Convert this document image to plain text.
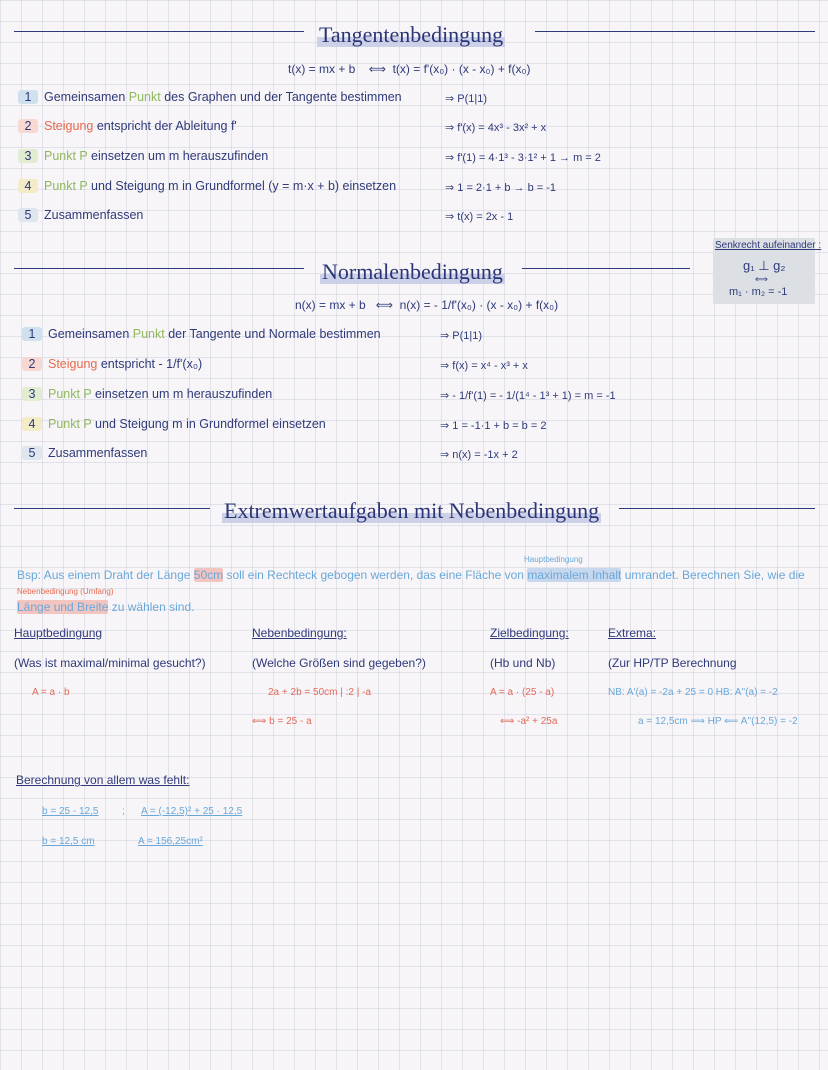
Tangentenbedingung
t(x) = mx + b ⟺ t(x) = f'(x₀) · (x - x₀) + f(x₀)
1 Gemeinsamen Punkt des Graphen und der Tangente bestimmen
2 Steigung entspricht der Ableitung f'
3 Punkt P einsetzen um m herauszufinden
4 Punkt P und Steigung m in Grundformel (y = m·x + b) einsetzen
5 Zusammenfassen
⇒ P(1|1)
⇒ f'(x) = 4x³ - 3x² + x
⇒ f'(1) = 4·1³ - 3·1² + 1 → m = 2
⇒ 1 = 2·1 + b → b = -1
⇒ t(x) = 2x - 1
Senkrecht aufeinander :
g₁ ⊥ g₂
⟺
m₁ · m₂ = -1
Normalenbedingung
n(x) = mx + b ⟺ n(x) = - 1/f'(x₀) · (x - x₀) + f(x₀)
1 Gemeinsamen Punkt der Tangente und Normale bestimmen
2 Steigung entspricht - 1/f'(x₀)
3 Punkt P einsetzen um m herauszufinden
4 Punkt P und Steigung m in Grundformel einsetzen
5 Zusammenfassen
⇒ P(1|1)
⇒ f(x) = x⁴ - x³ + x
⇒ - 1/f'(1) = - 1/(1⁴ - 1³ + 1) = m = -1
⇒ 1 = -1·1 + b = b = 2
⇒ n(x) = -1x + 2
Extremwertaufgaben mit Nebenbedingung
Hauptbedingung
Nebenbedingung (Umfang)
Bsp: Aus einem Draht der Länge 50cm soll ein Rechteck gebogen werden, das eine Fläche von maximalem Inhalt umrandet. Berechnen Sie, wie die

Länge und Breite zu wählen sind.
Hauptbedingung
(Was ist maximal/minimal gesucht?)
Nebenbedingung:
(Welche Größen sind gegeben?)
Zielbedingung:
(Hb und Nb)
Extrema:
(Zur HP/TP Berechnung
A = a · b	2a + 2b = 50cm | :2 | -a
⟺ b = 25 - a
A = a · (25 - a)
⟺ -a² + 25a
NB: A'(a) = -2a + 25 = 0 HB: A''(a) = -2
a = 12,5cm ⟹ HP ⟸ A''(12,5) = -2
Berechnung von allem was fehlt:
b = 25 - 12,5 ; A = (-12,5)² + 25 · 12,5
b = 12,5 cm	A = 156,25cm²
